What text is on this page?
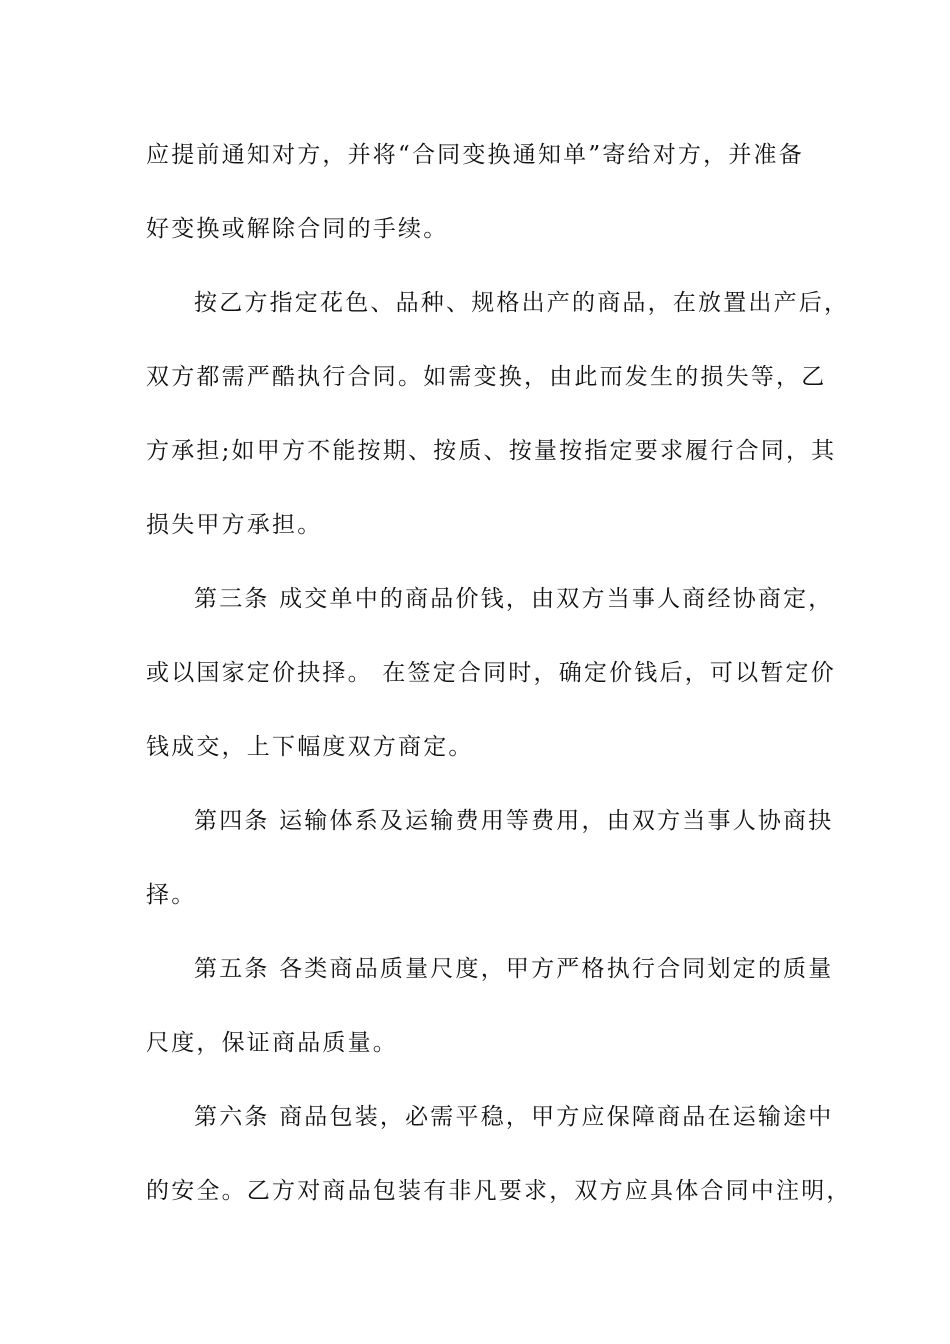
应提前通知对方，并将“合同变换通知单”寄给对方，并准备
好变换或解除合同的手续。
按乙方指定花色、品种、规格出产的商品，在放置出产后，
双方都需严酷执行合同。如需变换，由此而发生的损失等，乙
方承担;如甲方不能按期、按质、按量按指定要求履行合同，其
损失甲方承担。
第三条 成交单中的商品价钱，由双方当事人商经协商定，
或以国家定价抉择。 在签定合同时，确定价钱后，可以暂定价
钱成交，上下幅度双方商定。
第四条 运输体系及运输费用等费用，由双方当事人协商抉
择。
第五条 各类商品质量尺度，甲方严格执行合同划定的质量
尺度，保证商品质量。
第六条 商品包装，必需平稳，甲方应保障商品在运输途中
的安全。乙方对商品包装有非凡要求，双方应具体合同中注明，
